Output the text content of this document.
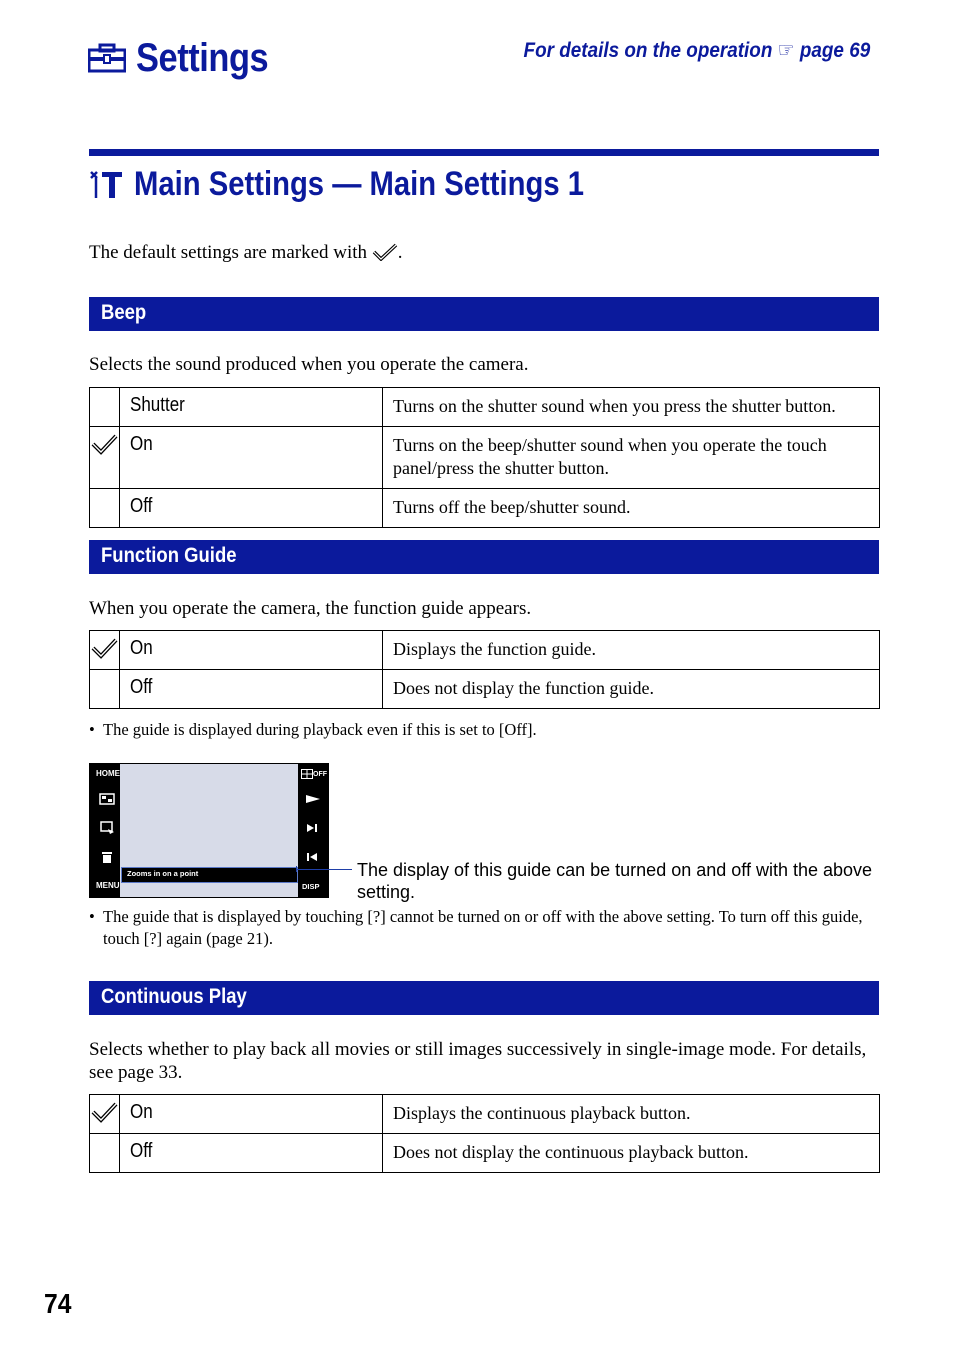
Settings	For details on the operation ☞ page 69
Main Settings — Main Settings 1
The default settings are marked with .
Beep
Selects the sound produced when you operate the camera.
	Shutter	Turns on the shutter sound when you press the shutter button.
	On	Turns on the beep/shutter sound when you operate the touch panel/press the shutter button.
	Off	Turns off the beep/shutter sound.
Function Guide
When you operate the camera, the function guide appears.
	On	Displays the function guide.
	Off	Does not display the function guide.
• The guide is displayed during playback even if this is set to [Off].
HOME
MENU
OFF
DISP
Zooms in on a point	The display of this guide can be turned on and off with the above setting.
• The guide that is displayed by touching [?] cannot be turned on or off with the above setting. To turn off this guide, touch [?] again (page 21).
Continuous Play
Selects whether to play back all movies or still images successively in single-image mode. For details, see page 33.
	On	Displays the continuous playback button.
	Off	Does not display the continuous playback button.
74
